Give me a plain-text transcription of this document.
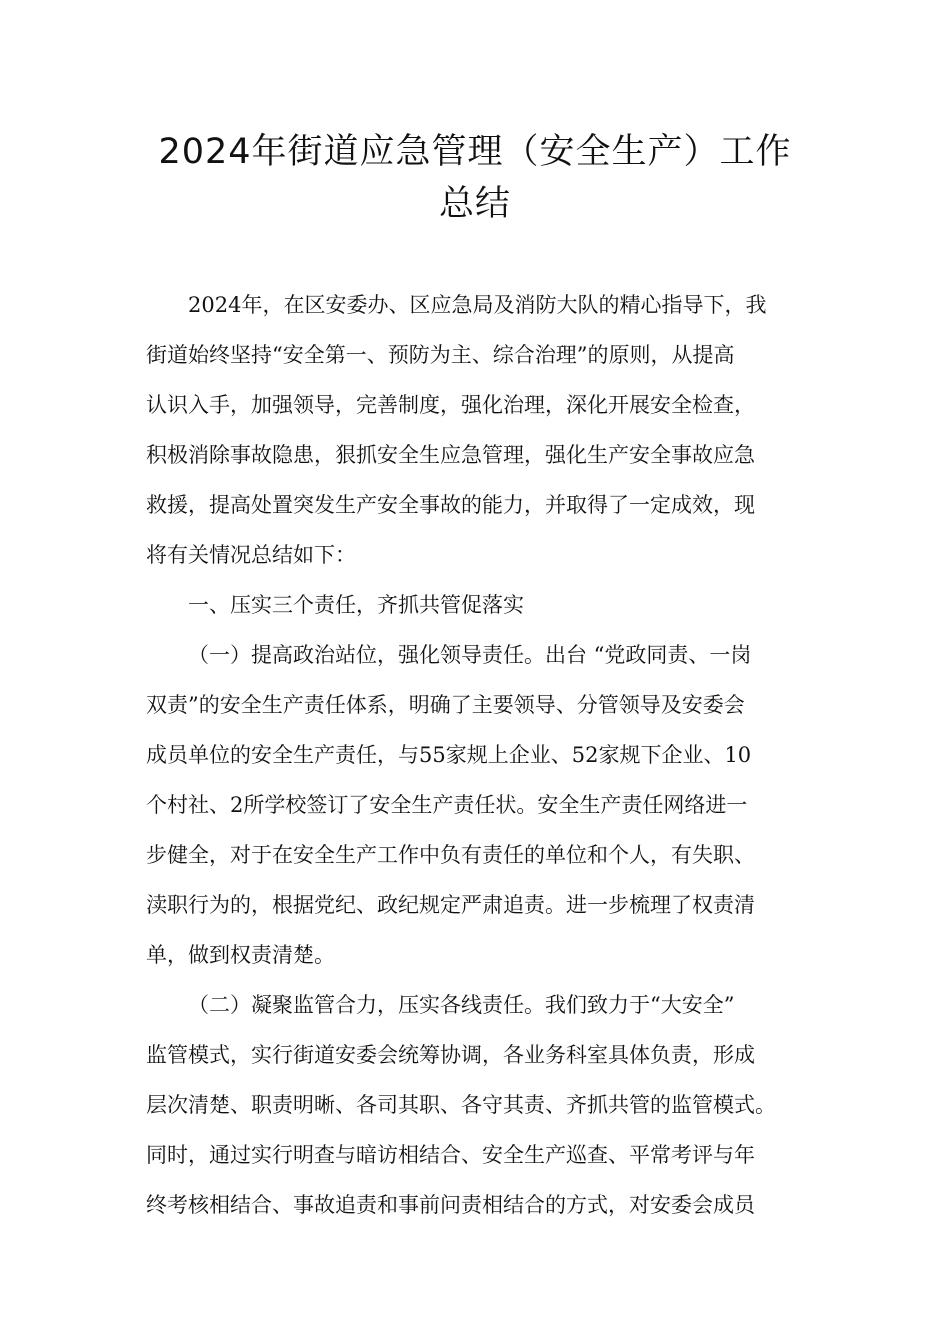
2024年街道应急管理（安全生产）工作
总结

2024年，在区安委办、区应急局及消防大队的精心指导下，我
街道始终坚持“安全第一、预防为主、综合治理”的原则，从提高
认识入手，加强领导，完善制度，强化治理，深化开展安全检查，
积极消除事故隐患，狠抓安全生应急管理，强化生产安全事故应急
救援，提高处置突发生产安全事故的能力，并取得了一定成效，现
将有关情况总结如下：

一、压实三个责任，齐抓共管促落实

（一）提高政治站位，强化领导责任。出台 “党政同责、一岗
双责”的安全生产责任体系，明确了主要领导、分管领导及安委会
成员单位的安全生产责任，与55家规上企业、52家规下企业、10
个村社、2所学校签订了安全生产责任状。安全生产责任网络进一
步健全，对于在安全生产工作中负有责任的单位和个人，有失职、
渎职行为的，根据党纪、政纪规定严肃追责。进一步梳理了权责清
单，做到权责清楚。

（二）凝聚监管合力，压实各线责任。我们致力于“大安全”
监管模式，实行街道安委会统筹协调，各业务科室具体负责，形成
层次清楚、职责明晰、各司其职、各守其责、齐抓共管的监管模式。
同时，通过实行明查与暗访相结合、安全生产巡查、平常考评与年
终考核相结合、事故追责和事前问责相结合的方式，对安委会成员
